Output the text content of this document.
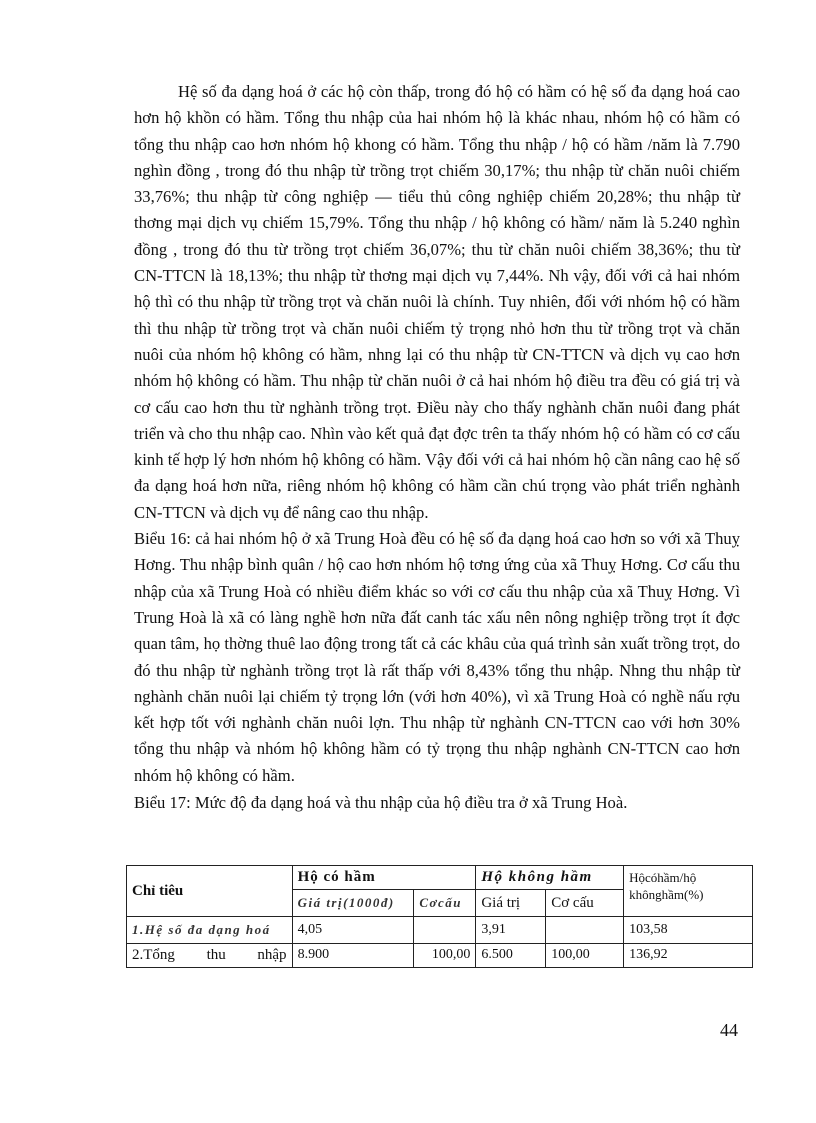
Hệ số đa dạng hoá ở các hộ còn thấp, trong đó hộ có hầm có hệ số đa dạng hoá cao hơn hộ khồn có hầm. Tổng thu nhập của hai nhóm hộ là khác nhau, nhóm hộ có hầm có tổng thu nhập cao hơn nhóm hộ khong có hầm. Tổng thu nhập / hộ có hầm /năm là 7.790 nghìn đồng , trong đó thu nhập từ trồng trọt chiếm 30,17%; thu nhập từ chăn nuôi chiếm 33,76%; thu nhập từ công nghiệp — tiểu thủ công nghiệp chiếm 20,28%; thu nhập từ thơng mại dịch vụ chiếm 15,79%. Tổng thu nhập / hộ không có hầm/ năm là 5.240 nghìn đồng , trong đó thu từ trồng trọt chiếm 36,07%; thu từ chăn nuôi chiếm 38,36%; thu từ CN-TTCN là 18,13%; thu nhập từ thơng mại dịch vụ 7,44%. Nh vậy, đối với cả hai nhóm hộ thì có thu nhập từ trồng trọt và chăn nuôi là chính. Tuy nhiên, đối với nhóm hộ có hầm thì thu nhập từ trồng trọt và chăn nuôi chiếm tỷ trọng nhỏ hơn thu từ trồng trọt và chăn nuôi của nhóm hộ không có hầm, nhng lại có thu nhập từ CN-TTCN và dịch vụ cao hơn nhóm hộ không có hầm. Thu nhập từ chăn nuôi ở cả hai nhóm hộ điều tra đều có giá trị và cơ cấu cao hơn thu từ nghành trồng trọt. Điều này cho thấy nghành chăn nuôi đang phát triển và cho thu nhập cao. Nhìn vào kết quả đạt đợc trên ta thấy nhóm hộ có hầm có cơ cấu kinh tế hợp lý hơn nhóm hộ không có hầm. Vậy đối với cả hai nhóm hộ cần nâng cao hệ số đa dạng hoá hơn nữa, riêng nhóm hộ không có hầm cần chú trọng vào phát triển nghành CN-TTCN và dịch vụ để nâng cao thu nhập.

Biểu 16: cả hai nhóm hộ ở xã Trung Hoà đều có hệ số đa dạng hoá cao hơn so với xã Thuỵ Hơng. Thu nhập bình quân / hộ cao hơn nhóm hộ tơng ứng của xã Thuỵ Hơng. Cơ cấu thu nhập của xã Trung Hoà có nhiều điểm khác so với cơ cấu thu nhập của xã Thuỵ Hơng. Vì Trung Hoà là xã có làng nghề hơn nữa đất canh tác xấu nên nông nghiệp trồng trọt ít đợc quan tâm, họ thờng thuê lao động trong tất cả các khâu của quá trình sản xuất trồng trọt, do đó thu nhập từ nghành trồng trọt là rất thấp với 8,43% tổng thu nhập. Nhng thu nhập từ nghành chăn nuôi lại chiếm tỷ trọng lớn (với hơn 40%), vì xã Trung Hoà có nghề nấu rợu kết hợp tốt với nghành chăn nuôi lợn. Thu nhập từ nghành CN-TTCN cao với hơn 30% tổng thu nhập và nhóm hộ không hầm có tỷ trọng thu nhập nghành CN-TTCN cao hơn nhóm hộ không có hầm.

Biểu 17: Mức độ đa dạng hoá và thu nhập của hộ điều tra ở xã Trung Hoà.

Chỉ tiêu	Hộ có hầm		Hộ không hầm		Hộcóhầm/hộ khônghầm(%)
	Giá trị(1000đ)	Cơcấu	Giá trị	Cơ cấu	
1.Hệ số đa dạng hoá	4,05		3,91		103,58
2.Tổng thu nhập	8.900	100,00	6.500	100,00	136,92
44
